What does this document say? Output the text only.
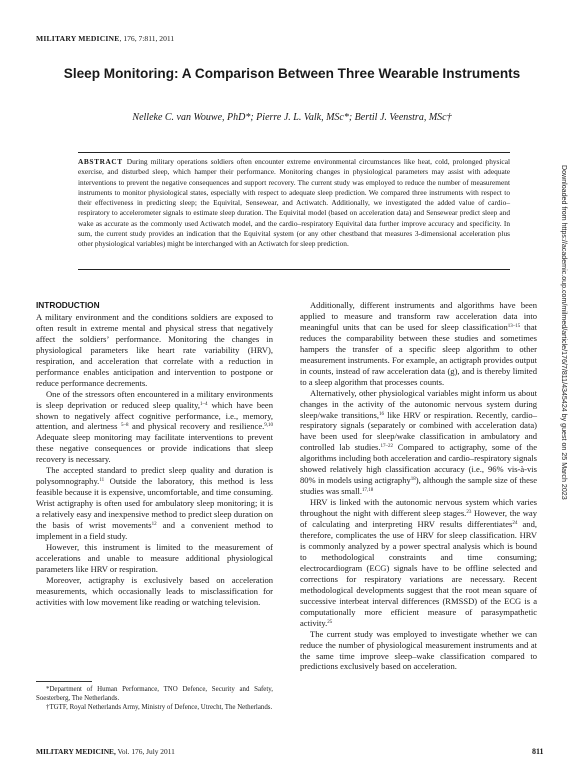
MILITARY MEDICINE, 176, 7:811, 2011
Sleep Monitoring: A Comparison Between Three Wearable Instruments
Nelleke C. van Wouwe, PhD*; Pierre J. L. Valk, MSc*; Bertil J. Veenstra, MSc†
ABSTRACT During military operations soldiers often encounter extreme environmental circumstances like heat, cold, prolonged physical exercise, and disturbed sleep, which hamper their performance. Monitoring changes in physiological parameters may assist with adequate interventions to prevent the negative consequences and support recovery. The current study was employed to reduce the number of measurement instruments to monitor physiological states, especially with respect to adequate sleep prediction. We compared three instruments with respect to their effectiveness in predicting sleep; the Equivital, Sensewear, and Actiwatch. Additionally, we investigated the added value of cardio–respiratory to accelerometer signals to estimate sleep duration. The Equivital model (based on acceleration data) and Sensewear predict sleep and wake as accurate as the commonly used Actiwatch model, and the cardio–respiratory Equivital data further improve accuracy and specificity. In sum, the current study provides an indication that the Equivital system (or any other chestband that measures 3-dimensional acceleration plus other physiological variables) might be interchanged with an Actiwatch for sleep prediction.
INTRODUCTION

A military environment and the conditions soldiers are exposed to often result in extreme mental and physical stress that negatively affect the soldiers’ performance. Monitoring the changes in physiological parameters like heart rate variability (HRV), respiration, and acceleration that correlate with a reduction in performance enables anticipation and intervention to postpone or reduce performance decrements.

One of the stressors often encountered in a military environments is sleep deprivation or reduced sleep quality,$^{1-4}$ which have been shown to negatively affect cognitive performance, i.e., memory, attention, and alertness $^{5-8}$ and physical recovery and resilience.$^{9,10}$ Adequate sleep monitoring may facilitate interventions to prevent these negative consequences or provide indications that sleep recovery is necessary.

The accepted standard to predict sleep quality and duration is polysomnography.$^{11}$ Outside the laboratory, this method is less feasible because it is expensive, uncomfortable, and time consuming. Wrist actigraphy is often used for ambulatory sleep monitoring; it is a relatively easy and inexpensive method to predict sleep duration on the basis of wrist movements$^{12}$ and a convenient method to implement in a field study.

However, this instrument is limited to the measurement of accelerations and unable to measure additional physiological parameters like HRV or respiration.

Moreover, actigraphy is exclusively based on acceleration measurements, which occasionally leads to misclassification for activities with low movement like reading or watching television.

Additionally, different instruments and algorithms have been applied to measure and transform raw acceleration data into meaningful units that can be used for sleep classification$^{13-15}$ that reduces the comparability between these studies and sometimes hampers the transfer of a specific sleep algorithm to other measurement instruments. For example, an actigraph provides output in counts, instead of raw acceleration data (g), and is thereby limited to a sleep algorithm that processes counts.

Alternatively, other physiological variables might inform us about changes in the activity of the autonomic nervous system during sleep/wake transitions,$^{16}$ like HRV or respiration. Recently, cardio–respiratory signals (separately or combined with acceleration data) have been used for sleep/wake classification in ambulatory and controlled lab studies.$^{17-22}$ Compared to actigraphy, some of the algorithms including both acceleration and cardio–respiratory signals showed relatively high classification accuracy (i.e., 96% vis-à-vis 80% in models using actigraphy$^{18}$), although the sample size of these studies was small.$^{17,18}$

HRV is linked with the autonomic nervous system which varies throughout the night with different sleep stages.$^{23}$ However, the way of calculating and interpreting HRV results differentiates$^{24}$ and, therefore, complicates the use of HRV for sleep classification. HRV is commonly analyzed by a power spectral analysis which is bound to methodological constraints and time consuming; electrocardiogram (ECG) signals have to be offline selected and corrections for respiratory variations are necessary. Recent methodological developments suggest that the root mean square of successive interbeat interval differences (RMSSD) of the ECG is a computationally more efficient measure of parasympathetic activity.$^{25}$

The current study was employed to investigate whether we can reduce the number of physiological measurement instruments and at the same time improve sleep–wake classification compared to predictions exclusively based on acceleration.

*Department of Human Performance, TNO Defence, Security and Safety, Soesterberg, The Netherlands.

†TGTF, Royal Netherlands Army, Ministry of Defence, Utrecht, The Netherlands.

MILITARY MEDICINE, Vol. 176, July 2011	811
Downloaded from https://academic.oup.com/milmed/article/176/7/811/4345424 by guest on 25 March 2023
